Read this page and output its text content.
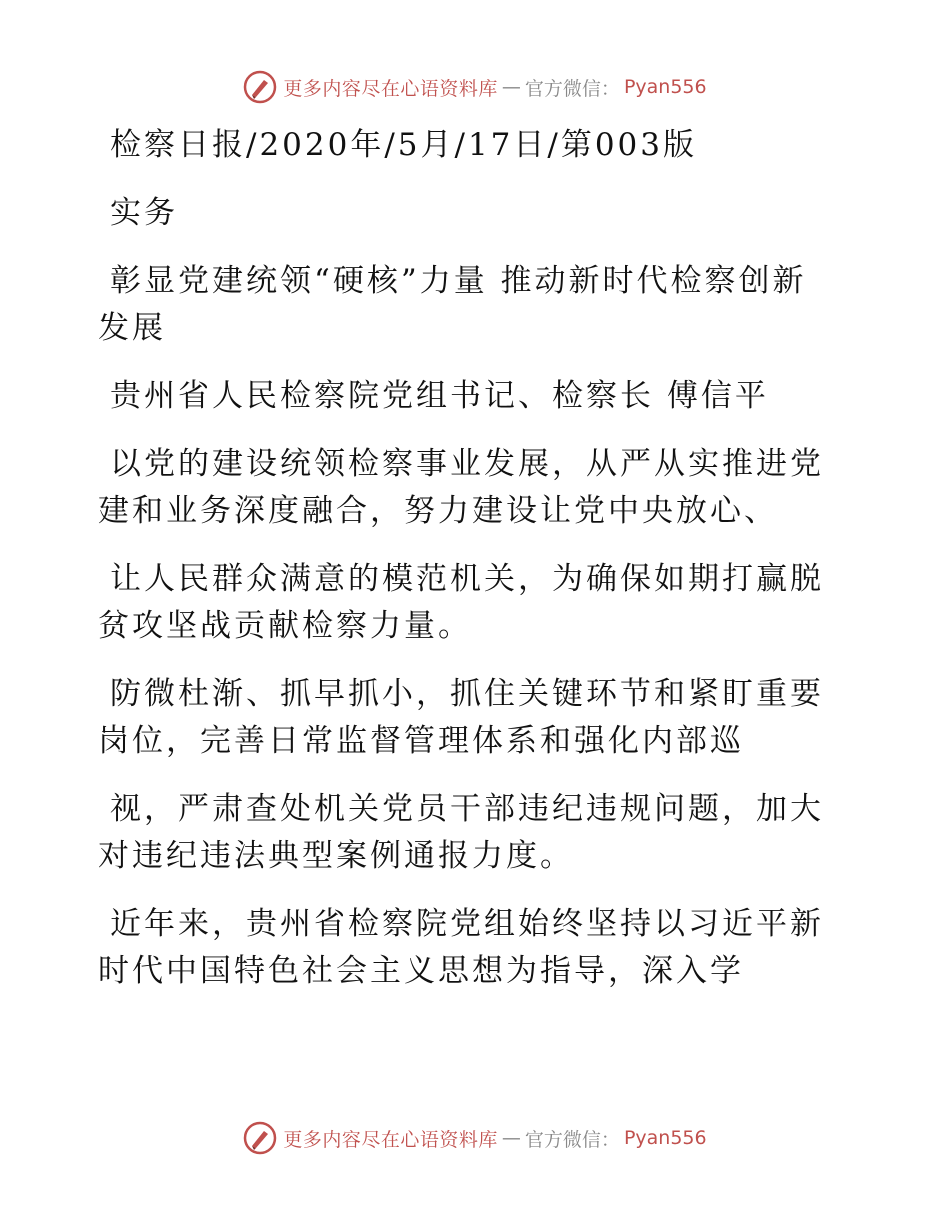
更多内容尽在心语资料库 — 官方微信： Pyan556

检察日报/2020年/5月/17日/第003版

实务

彰显党建统领“硬核”力量 推动新时代检察创新
发展

贵州省人民检察院党组书记、检察长 傅信平

以党的建设统领检察事业发展，从严从实推进党
建和业务深度融合，努力建设让党中央放心、

让人民群众满意的模范机关，为确保如期打赢脱
贫攻坚战贡献检察力量。

防微杜渐、抓早抓小，抓住关键环节和紧盯重要
岗位，完善日常监督管理体系和强化内部巡

视，严肃查处机关党员干部违纪违规问题，加大
对违纪违法典型案例通报力度。

近年来，贵州省检察院党组始终坚持以习近平新
时代中国特色社会主义思想为指导，深入学

更多内容尽在心语资料库 — 官方微信： Pyan556
